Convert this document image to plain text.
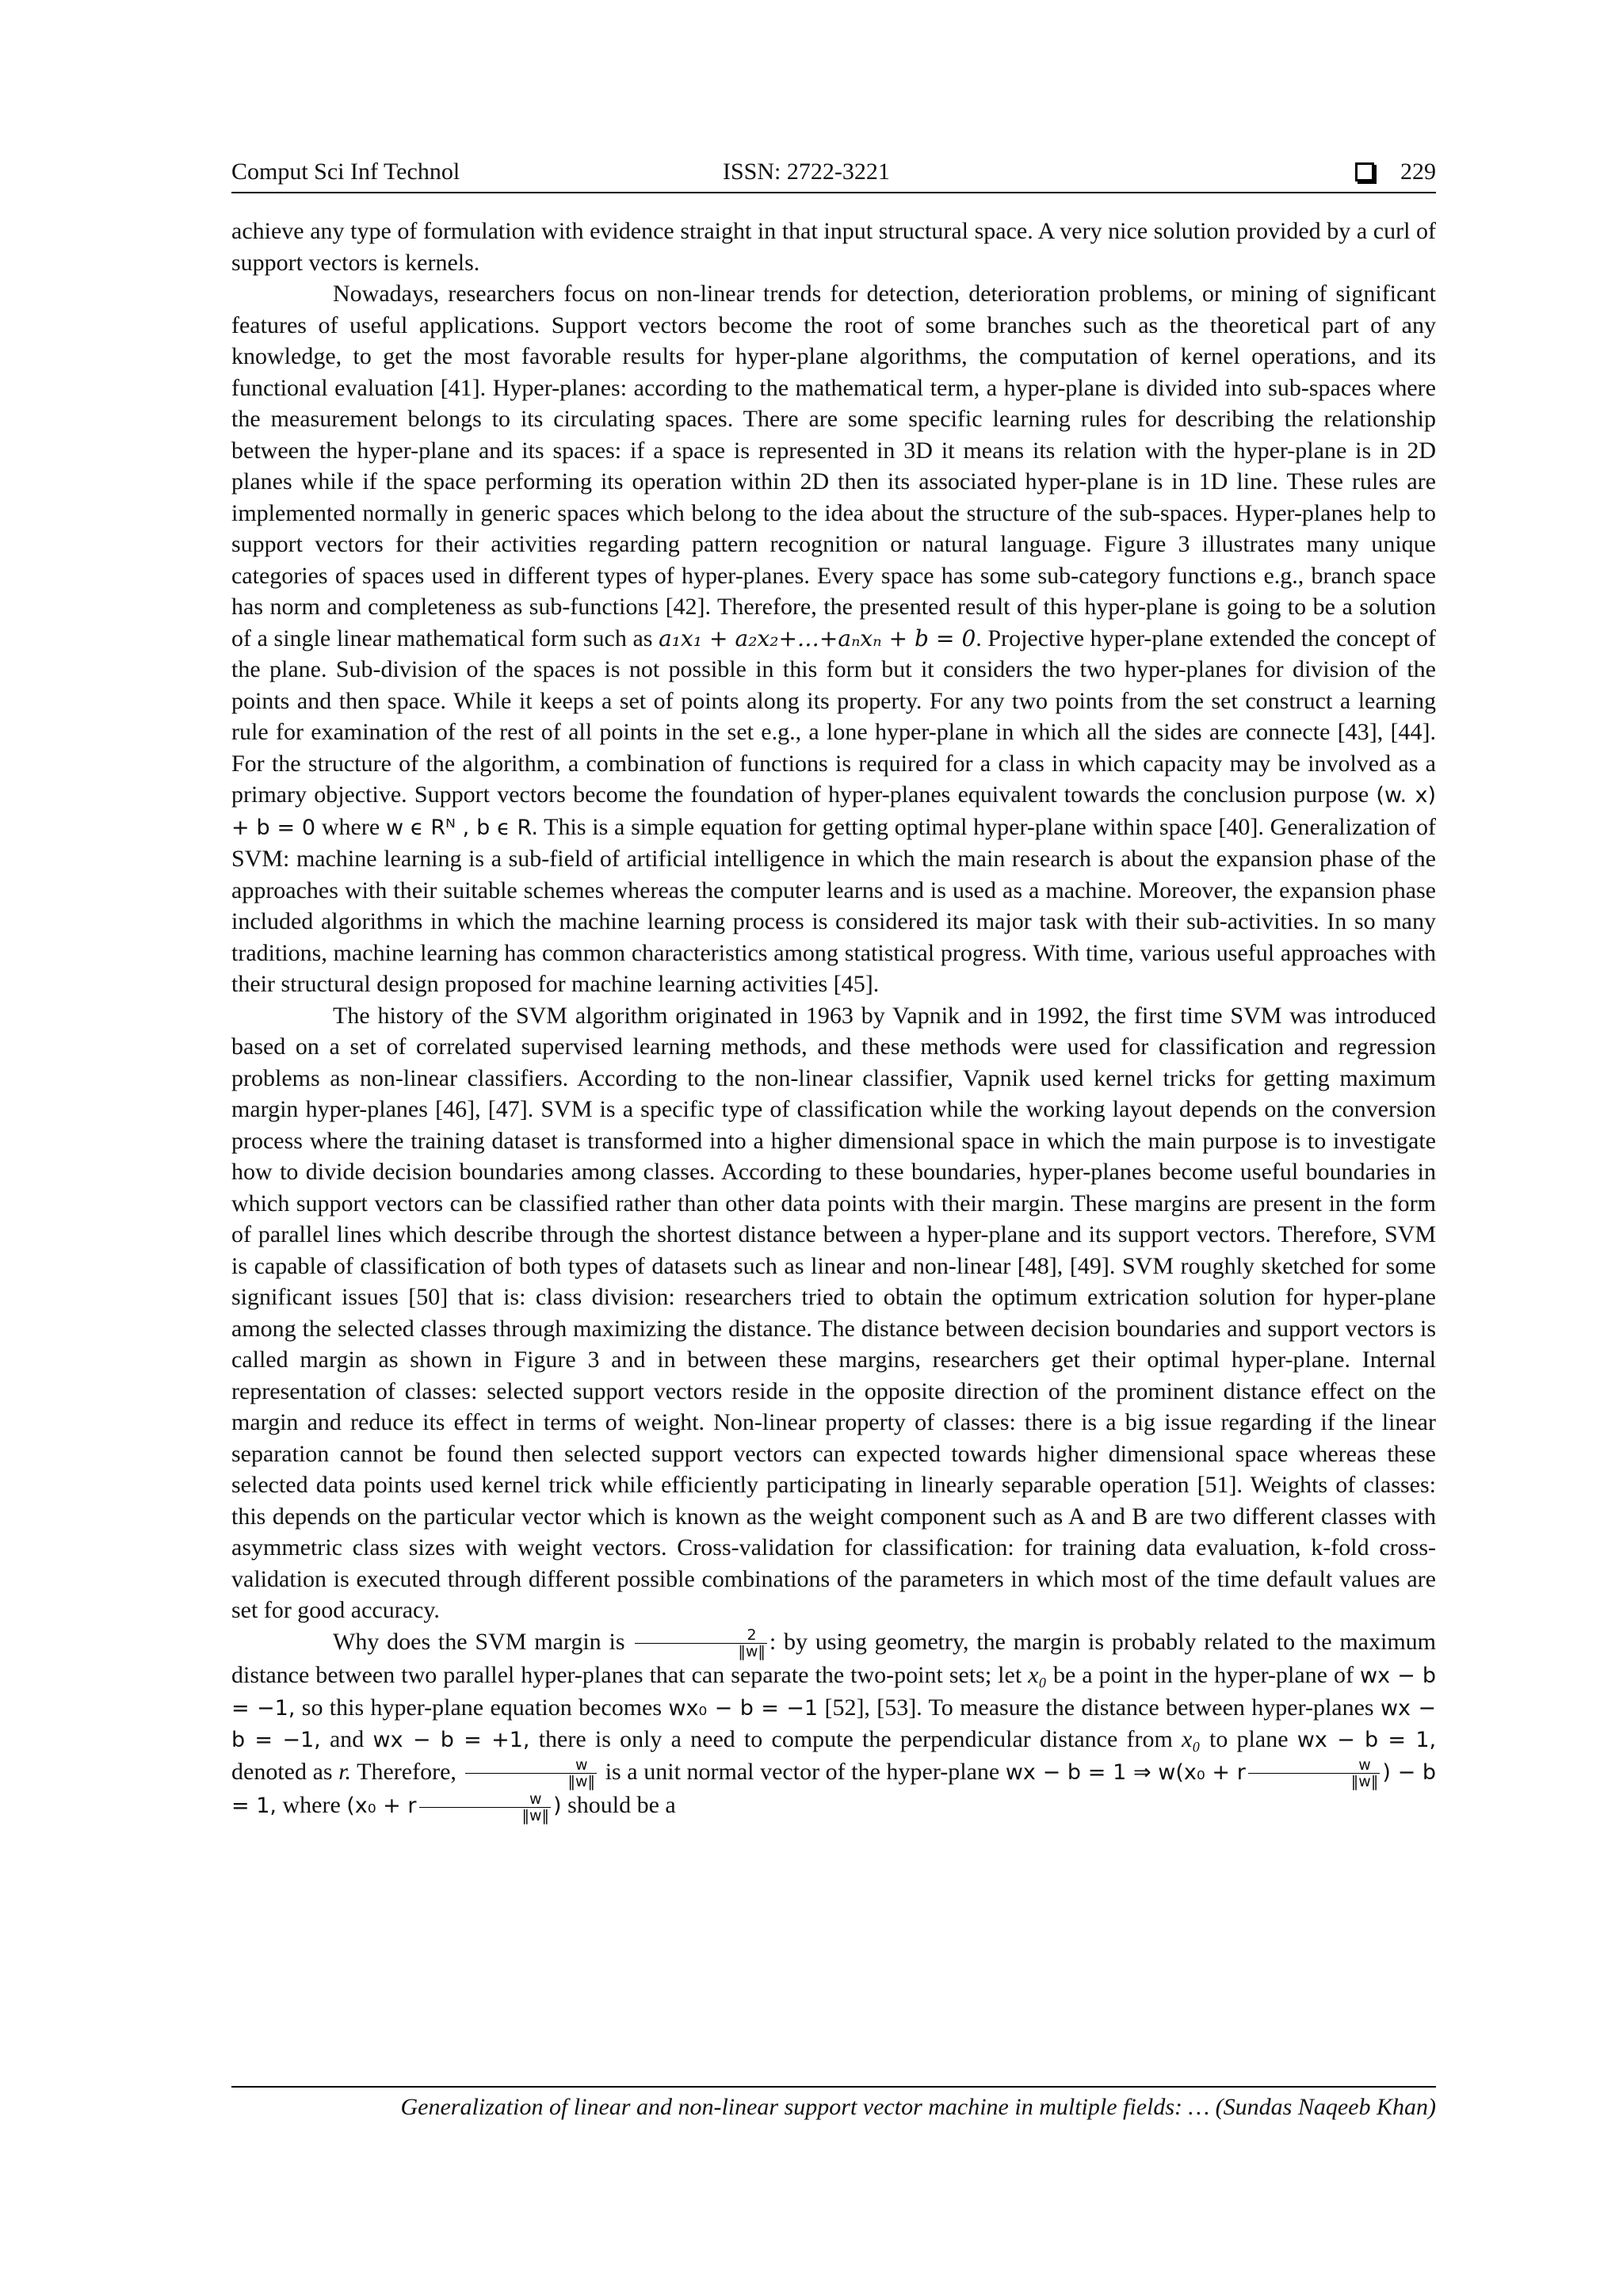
Comput Sci Inf Technol	ISSN: 2722-3221	229

achieve any type of formulation with evidence straight in that input structural space. A very nice solution provided by a curl of support vectors is kernels.

Nowadays, researchers focus on non-linear trends for detection, deterioration problems, or mining of significant features of useful applications. Support vectors become the root of some branches such as the theoretical part of any knowledge, to get the most favorable results for hyper-plane algorithms, the computation of kernel operations, and its functional evaluation [41]. Hyper-planes: according to the mathematical term, a hyper-plane is divided into sub-spaces where the measurement belongs to its circulating spaces. There are some specific learning rules for describing the relationship between the hyper-plane and its spaces: if a space is represented in 3D it means its relation with the hyper-plane is in 2D planes while if the space performing its operation within 2D then its associated hyper-plane is in 1D line. These rules are implemented normally in generic spaces which belong to the idea about the structure of the sub-spaces. Hyper-planes help to support vectors for their activities regarding pattern recognition or natural language. Figure 3 illustrates many unique categories of spaces used in different types of hyper-planes. Every space has some sub-category functions e.g., branch space has norm and completeness as sub-functions [42]. Therefore, the presented result of this hyper-plane is going to be a solution of a single linear mathematical form such as a₁x₁ + a₂x₂+…+aₙxₙ + b = 0. Projective hyper-plane extended the concept of the plane. Sub-division of the spaces is not possible in this form but it considers the two hyper-planes for division of the points and then space. While it keeps a set of points along its property. For any two points from the set construct a learning rule for examination of the rest of all points in the set e.g., a lone hyper-plane in which all the sides are connecte [43], [44]. For the structure of the algorithm, a combination of functions is required for a class in which capacity may be involved as a primary objective. Support vectors become the foundation of hyper-planes equivalent towards the conclusion purpose (w. x) + b = 0 where w ϵ Rᴺ , b ϵ R. This is a simple equation for getting optimal hyper-plane within space [40]. Generalization of SVM: machine learning is a sub-field of artificial intelligence in which the main research is about the expansion phase of the approaches with their suitable schemes whereas the computer learns and is used as a machine. Moreover, the expansion phase included algorithms in which the machine learning process is considered its major task with their sub-activities. In so many traditions, machine learning has common characteristics among statistical progress. With time, various useful approaches with their structural design proposed for machine learning activities [45].

The history of the SVM algorithm originated in 1963 by Vapnik and in 1992, the first time SVM was introduced based on a set of correlated supervised learning methods, and these methods were used for classification and regression problems as non-linear classifiers. According to the non-linear classifier, Vapnik used kernel tricks for getting maximum margin hyper-planes [46], [47]. SVM is a specific type of classification while the working layout depends on the conversion process where the training dataset is transformed into a higher dimensional space in which the main purpose is to investigate how to divide decision boundaries among classes. According to these boundaries, hyper-planes become useful boundaries in which support vectors can be classified rather than other data points with their margin. These margins are present in the form of parallel lines which describe through the shortest distance between a hyper-plane and its support vectors. Therefore, SVM is capable of classification of both types of datasets such as linear and non-linear [48], [49]. SVM roughly sketched for some significant issues [50] that is: class division: researchers tried to obtain the optimum extrication solution for hyper-plane among the selected classes through maximizing the distance. The distance between decision boundaries and support vectors is called margin as shown in Figure 3 and in between these margins, researchers get their optimal hyper-plane. Internal representation of classes: selected support vectors reside in the opposite direction of the prominent distance effect on the margin and reduce its effect in terms of weight. Non-linear property of classes: there is a big issue regarding if the linear separation cannot be found then selected support vectors can expected towards higher dimensional space whereas these selected data points used kernel trick while efficiently participating in linearly separable operation [51]. Weights of classes: this depends on the particular vector which is known as the weight component such as A and B are two different classes with asymmetric class sizes with weight vectors. Cross-validation for classification: for training data evaluation, k-fold cross-validation is executed through different possible combinations of the parameters in which most of the time default values are set for good accuracy.

Why does the SVM margin is $\frac{2}{‖w‖}$ : by using geometry, the margin is probably related to the maximum distance between two parallel hyper-planes that can separate the two-point sets; let x₀ be a point in the hyper-plane of wx − b = −1, so this hyper-plane equation becomes wx₀ − b = −1 [52], [53]. To measure the distance between hyper-planes wx − b = −1, and wx − b = +1, there is only a need to compute the perpendicular distance from x₀ to plane wx − b = 1, denoted as r. Therefore, $\frac{w}{‖w‖}$ is a unit normal vector of the hyper-plane wx − b = 1 ⇒ w(x₀ + r $\frac{w}{‖w‖}$ ) − b = 1, where (x₀ + r $\frac{w}{‖w‖}$ ) should be a

Generalization of linear and non-linear support vector machine in multiple fields: … (Sundas Naqeeb Khan)
